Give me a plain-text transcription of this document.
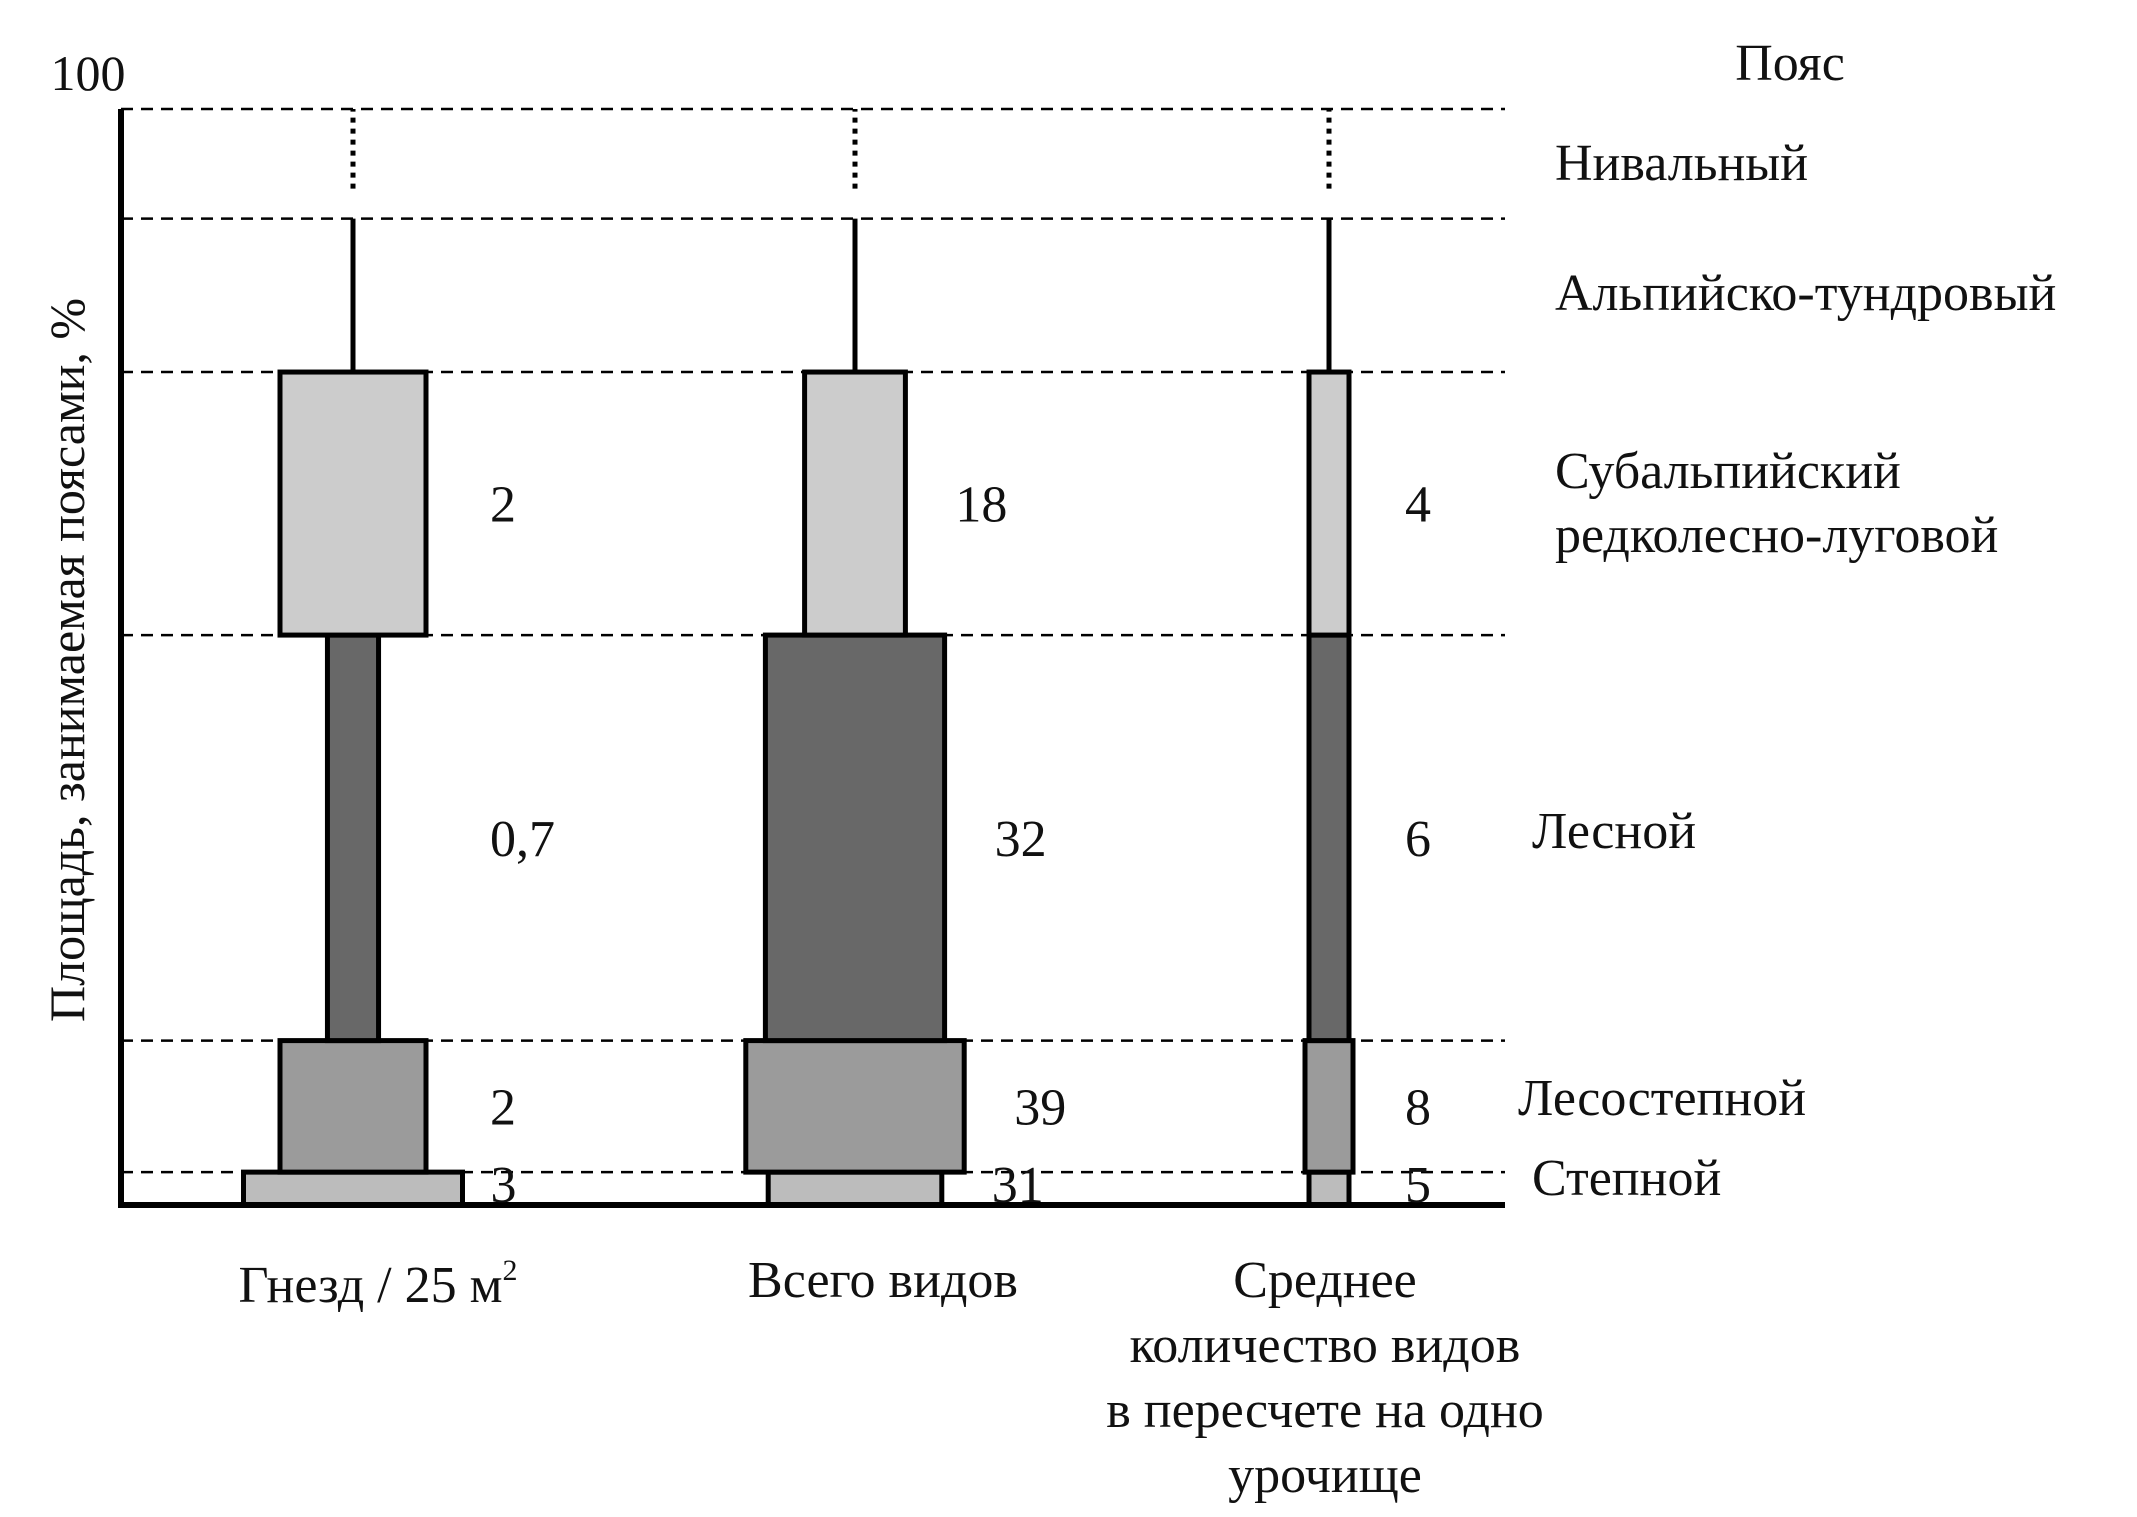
100
Площадь, занимаемая поясами, %
Пояс
Нивальный
Альпийско-тундровый
Субальпийский
редколесно-луговой
Лесной
Лесостепной
Степной
3
2
0,7
2
31
39
32
18
5
8
6
4
Гнезд / 25 $м^2$	Всего видов	Среднее
количество видов
в пересчете на одно
урочище
